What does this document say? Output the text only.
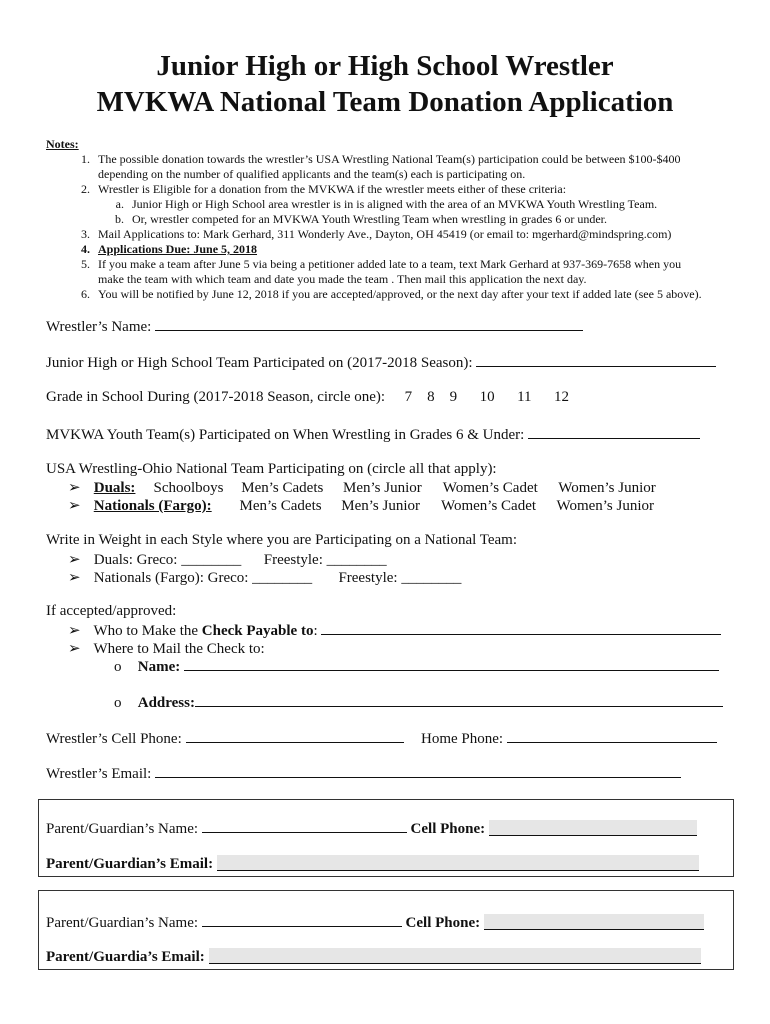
Junior High or High School Wrestler
MVKWA National Team Donation Application
Notes:
1. The possible donation towards the wrestler’s USA Wrestling National Team(s) participation could be between $100-$400
depending on the number of qualified applicants and the team(s) each is participating on.
2. Wrestler is Eligible for a donation from the MVKWA if the wrestler meets either of these criteria:
a. Junior High or High School area wrestler is in is aligned with the area of an MVKWA Youth Wrestling Team.
b. Or, wrestler competed for an MVKWA Youth Wrestling Team when wrestling in grades 6 or under.
3. Mail Applications to: Mark Gerhard, 311 Wonderly Ave., Dayton, OH 45419 (or email to: mgerhard@mindspring.com)
4. Applications Due: June 5, 2018
5. If you make a team after June 5 via being a petitioner added late to a team, text Mark Gerhard at 937-369-7658 when you
make the team with which team and date you made the team . Then mail this application the next day.
6. You will be notified by June 12, 2018 if you are accepted/approved, or the next day after your text if added late (see 5 above).
Wrestler’s Name:
Junior High or High School Team Participated on (2017-2018 Season):
Grade in School During (2017-2018 Season, circle one): 7 8 9 10 11 12
MVKWA Youth Team(s) Participated on When Wrestling in Grades 6 & Under:
USA Wrestling-Ohio National Team Participating on (circle all that apply):
➢ Duals: Schoolboys Men’s Cadets Men’s Junior Women’s Cadet Women’s Junior
➢ Nationals (Fargo): Men’s Cadets Men’s Junior Women’s Cadet Women’s Junior
Write in Weight in each Style where you are Participating on a National Team:
➢ Duals: Greco: ________ Freestyle: ________
➢ Nationals (Fargo): Greco: ________ Freestyle: ________
If accepted/approved:
➢ Who to Make the Check Payable to:
➢ Where to Mail the Check to:
o Name:
o Address:
Wrestler’s Cell Phone:	Home Phone:
Wrestler’s Email:
Parent/Guardian’s Name:	Cell Phone:
Parent/Guardian’s Email:
Parent/Guardian’s Name:	Cell Phone:
Parent/Guardia’s Email:
